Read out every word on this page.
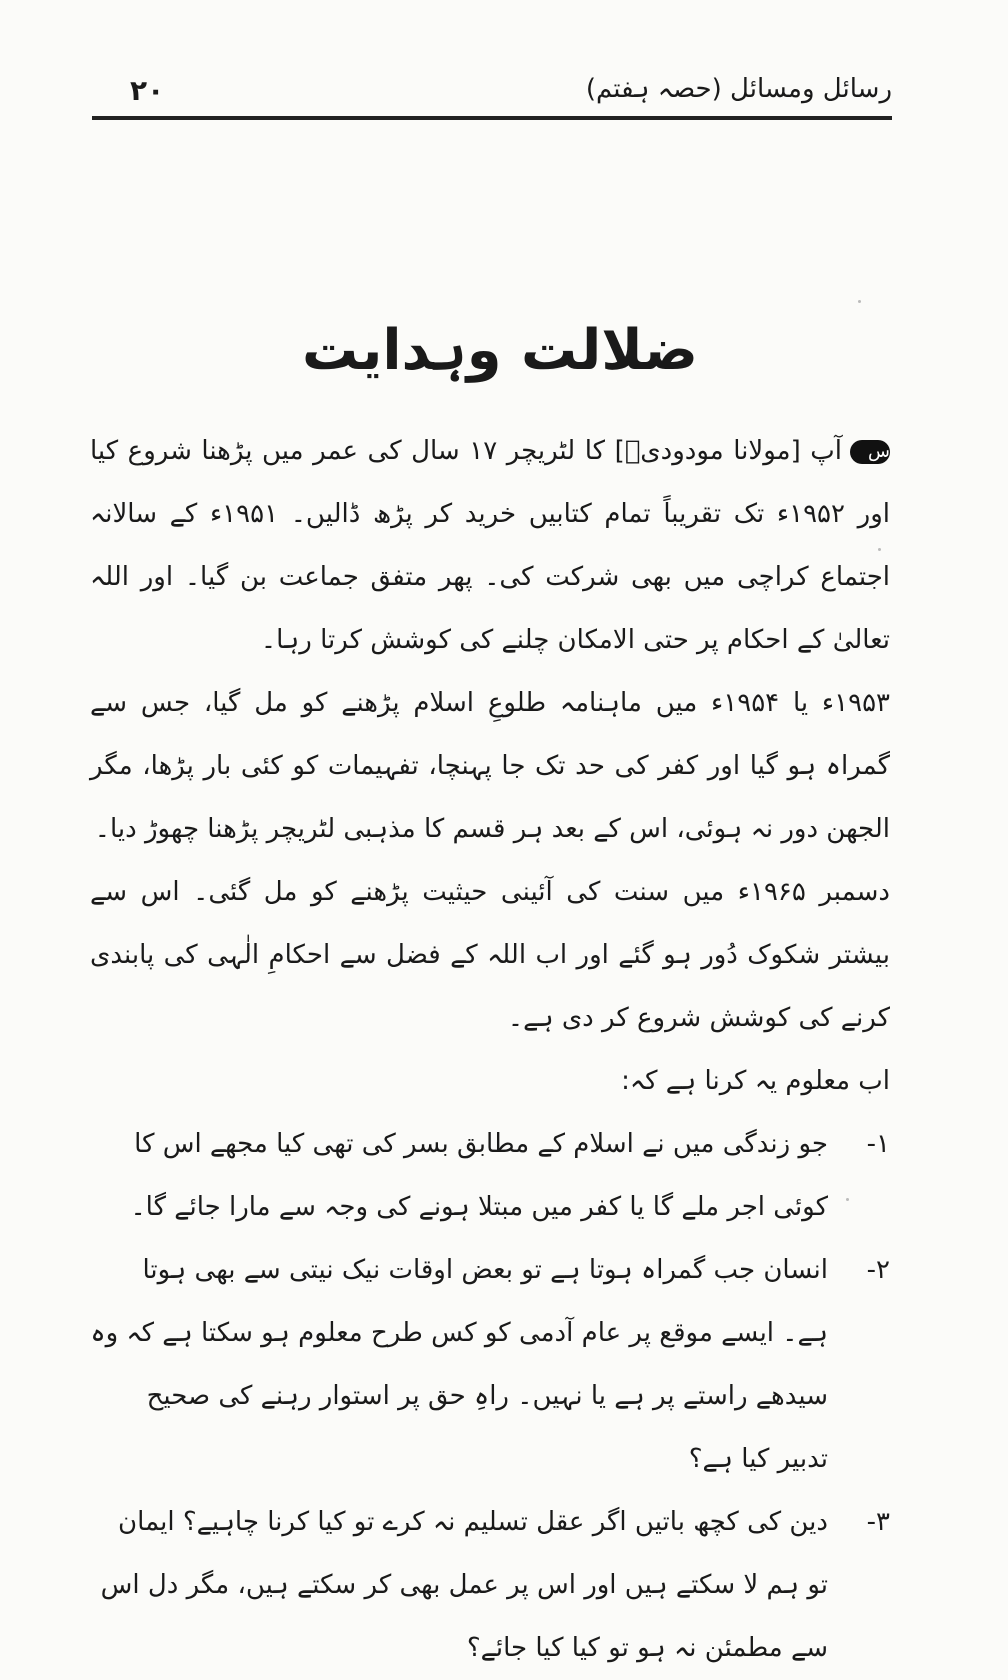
رسائل ومسائل (حصہ ہفتم)
۲۰
ضلالت وہدایت

سآپ [مولانا مودودیؒ] کا لٹریچر ۱۷ سال کی عمر میں پڑھنا شروع کیا اور ۱۹۵۲ء تک تقریباً تمام کتابیں خرید کر پڑھ ڈالیں۔ ۱۹۵۱ء کے سالانہ اجتماع کراچی میں بھی شرکت کی۔ پھر متفق جماعت بن گیا۔ اور اللہ تعالیٰ کے احکام پر حتی الامکان چلنے کی کوشش کرتا رہا۔

۱۹۵۳ء یا ۱۹۵۴ء میں ماہنامہ طلوعِ اسلام پڑھنے کو مل گیا، جس سے گمراہ ہو گیا اور کفر کی حد تک جا پہنچا، تفہیمات کو کئی بار پڑھا، مگر الجھن دور نہ ہوئی، اس کے بعد ہر قسم کا مذہبی لٹریچر پڑھنا چھوڑ دیا۔

دسمبر ۱۹۶۵ء میں سنت کی آئینی حیثیت پڑھنے کو مل گئی۔ اس سے بیشتر شکوک دُور ہو گئے اور اب اللہ کے فضل سے احکامِ الٰہی کی پابندی کرنے کی کوشش شروع کر دی ہے۔

اب معلوم یہ کرنا ہے کہ:

۱-
جو زندگی میں نے اسلام کے مطابق بسر کی تھی کیا مجھے اس کا کوئی اجر ملے گا یا کفر میں مبتلا ہونے کی وجہ سے مارا جائے گا۔
۲-
انسان جب گمراہ ہوتا ہے تو بعض اوقات نیک نیتی سے بھی ہوتا ہے۔ ایسے موقع پر عام آدمی کو کس طرح معلوم ہو سکتا ہے کہ وہ سیدھے راستے پر ہے یا نہیں۔ راہِ حق پر استوار رہنے کی صحیح تدبیر کیا ہے؟
۳-
دین کی کچھ باتیں اگر عقل تسلیم نہ کرے تو کیا کرنا چاہیے؟ ایمان تو ہم لا سکتے ہیں اور اس پر عمل بھی کر سکتے ہیں، مگر دل اس سے مطمئن نہ ہو تو کیا کیا جائے؟
